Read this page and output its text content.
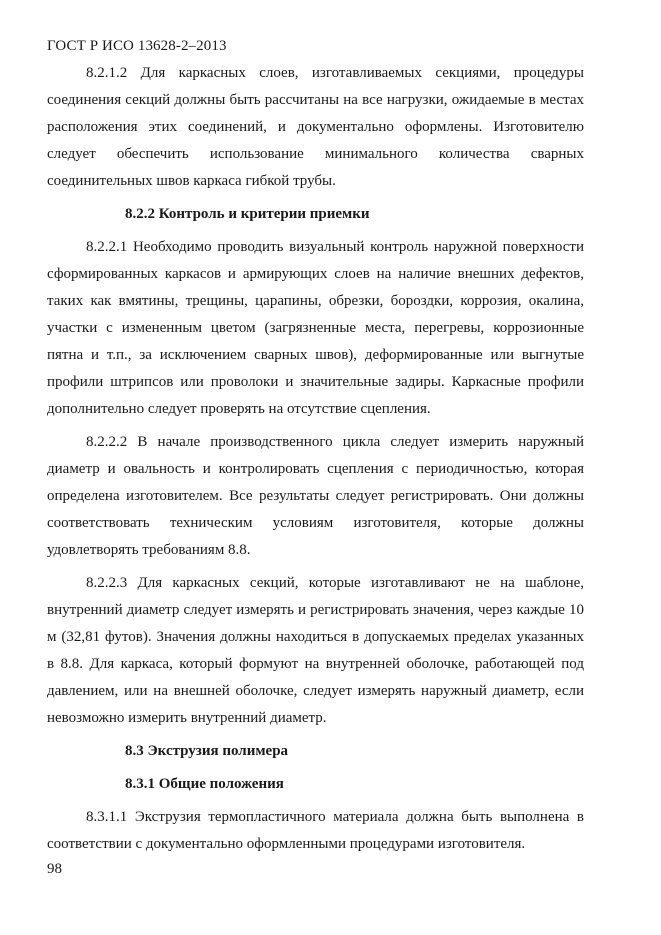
ГОСТ Р ИСО 13628-2–2013

8.2.1.2 Для каркасных слоев, изготавливаемых секциями, процедуры соединения секций должны быть рассчитаны на все нагрузки, ожидаемые в местах расположения этих соединений, и документально оформлены. Изготовителю следует обеспечить использование минимального количества сварных соединительных швов каркаса гибкой трубы.

8.2.2 Контроль и критерии приемки

8.2.2.1 Необходимо проводить визуальный контроль наружной поверхности сформированных каркасов и армирующих слоев на наличие внешних дефектов, таких как вмятины, трещины, царапины, обрезки, бороздки, коррозия, окалина, участки с измененным цветом (загрязненные места, перегревы, коррозионные пятна и т.п., за исключением сварных швов), деформированные или выгнутые профили штрипсов или проволоки и значительные задиры. Каркасные профили дополнительно следует проверять на отсутствие сцепления.

8.2.2.2 В начале производственного цикла следует измерить наружный диаметр и овальность и контролировать сцепления с периодичностью, которая определена изготовителем. Все результаты следует регистрировать. Они должны соответствовать техническим условиям изготовителя, которые должны удовлетворять требованиям 8.8.

8.2.2.3 Для каркасных секций, которые изготавливают не на шаблоне, внутренний диаметр следует измерять и регистрировать значения, через каждые 10 м (32,81 футов). Значения должны находиться в допускаемых пределах указанных в 8.8. Для каркаса, который формуют на внутренней оболочке, работающей под давлением, или на внешней оболочке, следует измерять наружный диаметр, если невозможно измерить внутренний диаметр.

8.3 Экструзия полимера
8.3.1 Общие положения

8.3.1.1 Экструзия термопластичного материала должна быть выполнена в соответствии с документально оформленными процедурами изготовителя.

98
